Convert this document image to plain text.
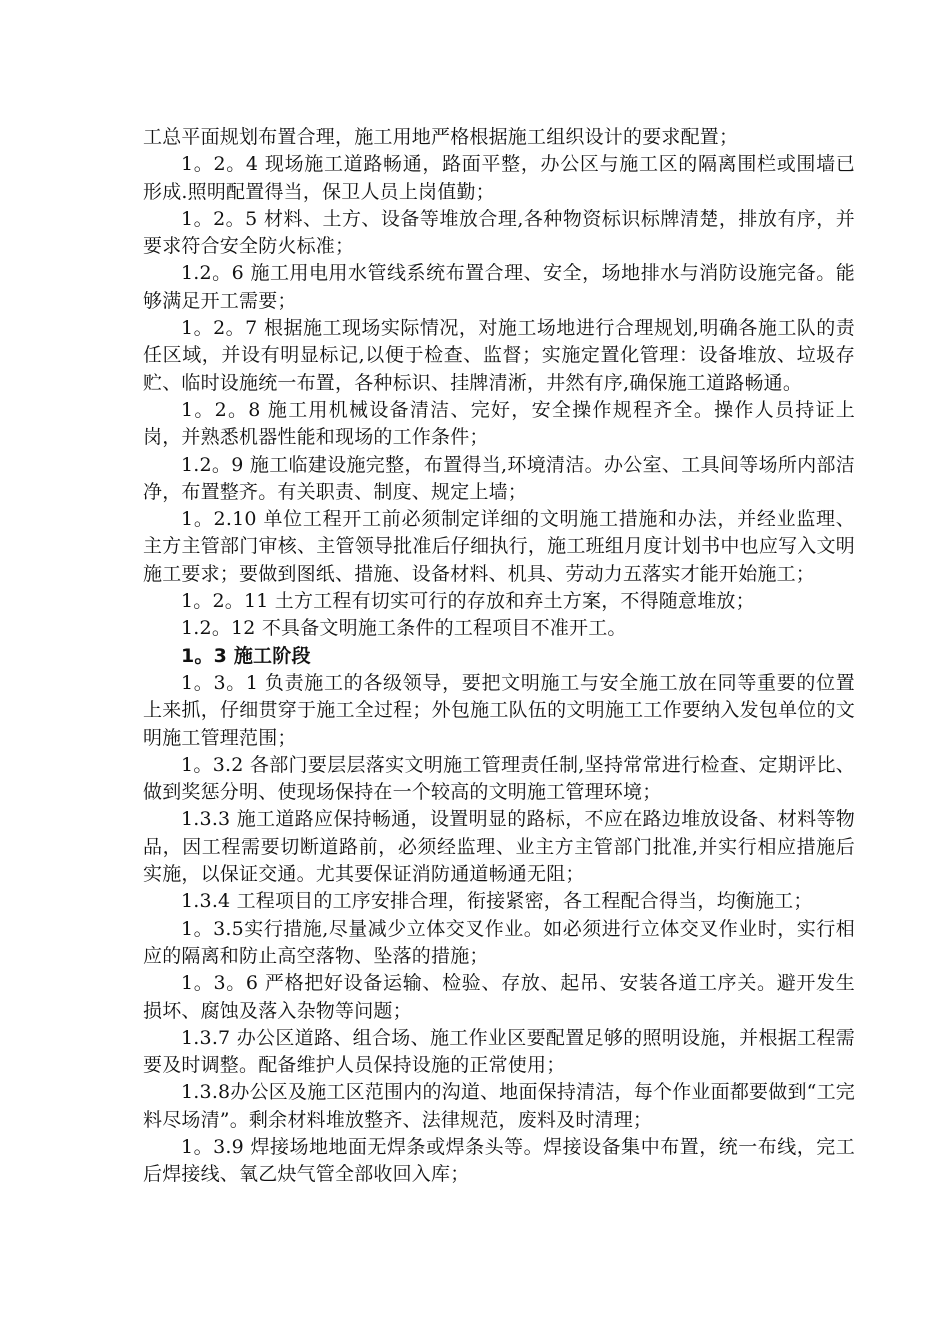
工总平面规划布置合理，施工用地严格根据施工组织设计的要求配置；

1。2。4 现场施工道路畅通，路面平整，办公区与施工区的隔离围栏或围墙已形成.照明配置得当，保卫人员上岗值勤；

1。2。5 材料、土方、设备等堆放合理,各种物资标识标牌清楚，排放有序，并要求符合安全防火标准；

1.2。6 施工用电用水管线系统布置合理、安全，场地排水与消防设施完备。能够满足开工需要；

1。2。7 根据施工现场实际情况，对施工场地进行合理规划,明确各施工队的责任区域，并设有明显标记,以便于检查、监督；实施定置化管理：设备堆放、垃圾存贮、临时设施统一布置，各种标识、挂牌清淅，井然有序,确保施工道路畅通。

1。2。8 施工用机械设备清洁、完好，安全操作规程齐全。操作人员持证上岗，并熟悉机器性能和现场的工作条件；

1.2。9 施工临建设施完整，布置得当,环境清洁。办公室、工具间等场所内部洁净，布置整齐。有关职责、制度、规定上墙；

1。2.10 单位工程开工前必须制定详细的文明施工措施和办法，并经业监理、主方主管部门审核、主管领导批准后仔细执行，施工班组月度计划书中也应写入文明施工要求；要做到图纸、措施、设备材料、机具、劳动力五落实才能开始施工；

1。2。11 土方工程有切实可行的存放和弃土方案，不得随意堆放；

1.2。12 不具备文明施工条件的工程项目不准开工。

1。3 施工阶段

1。3。1 负责施工的各级领导，要把文明施工与安全施工放在同等重要的位置上来抓，仔细贯穿于施工全过程；外包施工队伍的文明施工工作要纳入发包单位的文明施工管理范围；

1。3.2 各部门要层层落实文明施工管理责任制,坚持常常进行检查、定期评比、做到奖惩分明、使现场保持在一个较高的文明施工管理环境；

1.3.3 施工道路应保持畅通，设置明显的路标，不应在路边堆放设备、材料等物品，因工程需要切断道路前，必须经监理、业主方主管部门批准,并实行相应措施后实施，以保证交通。尤其要保证消防通道畅通无阻；

1.3.4 工程项目的工序安排合理，衔接紧密，各工程配合得当，均衡施工；

1。3.5实行措施,尽量减少立体交叉作业。如必须进行立体交叉作业时，实行相应的隔离和防止高空落物、坠落的措施；

1。3。6 严格把好设备运输、检验、存放、起吊、安装各道工序关。避开发生损坏、腐蚀及落入杂物等问题；

1.3.7 办公区道路、组合场、施工作业区要配置足够的照明设施，并根据工程需要及时调整。配备维护人员保持设施的正常使用；

1.3.8办公区及施工区范围内的沟道、地面保持清洁，每个作业面都要做到“工完料尽场清”。剩余材料堆放整齐、法律规范，废料及时清理；

1。3.9 焊接场地地面无焊条或焊条头等。焊接设备集中布置，统一布线，完工后焊接线、氧乙炔气管全部收回入库；
